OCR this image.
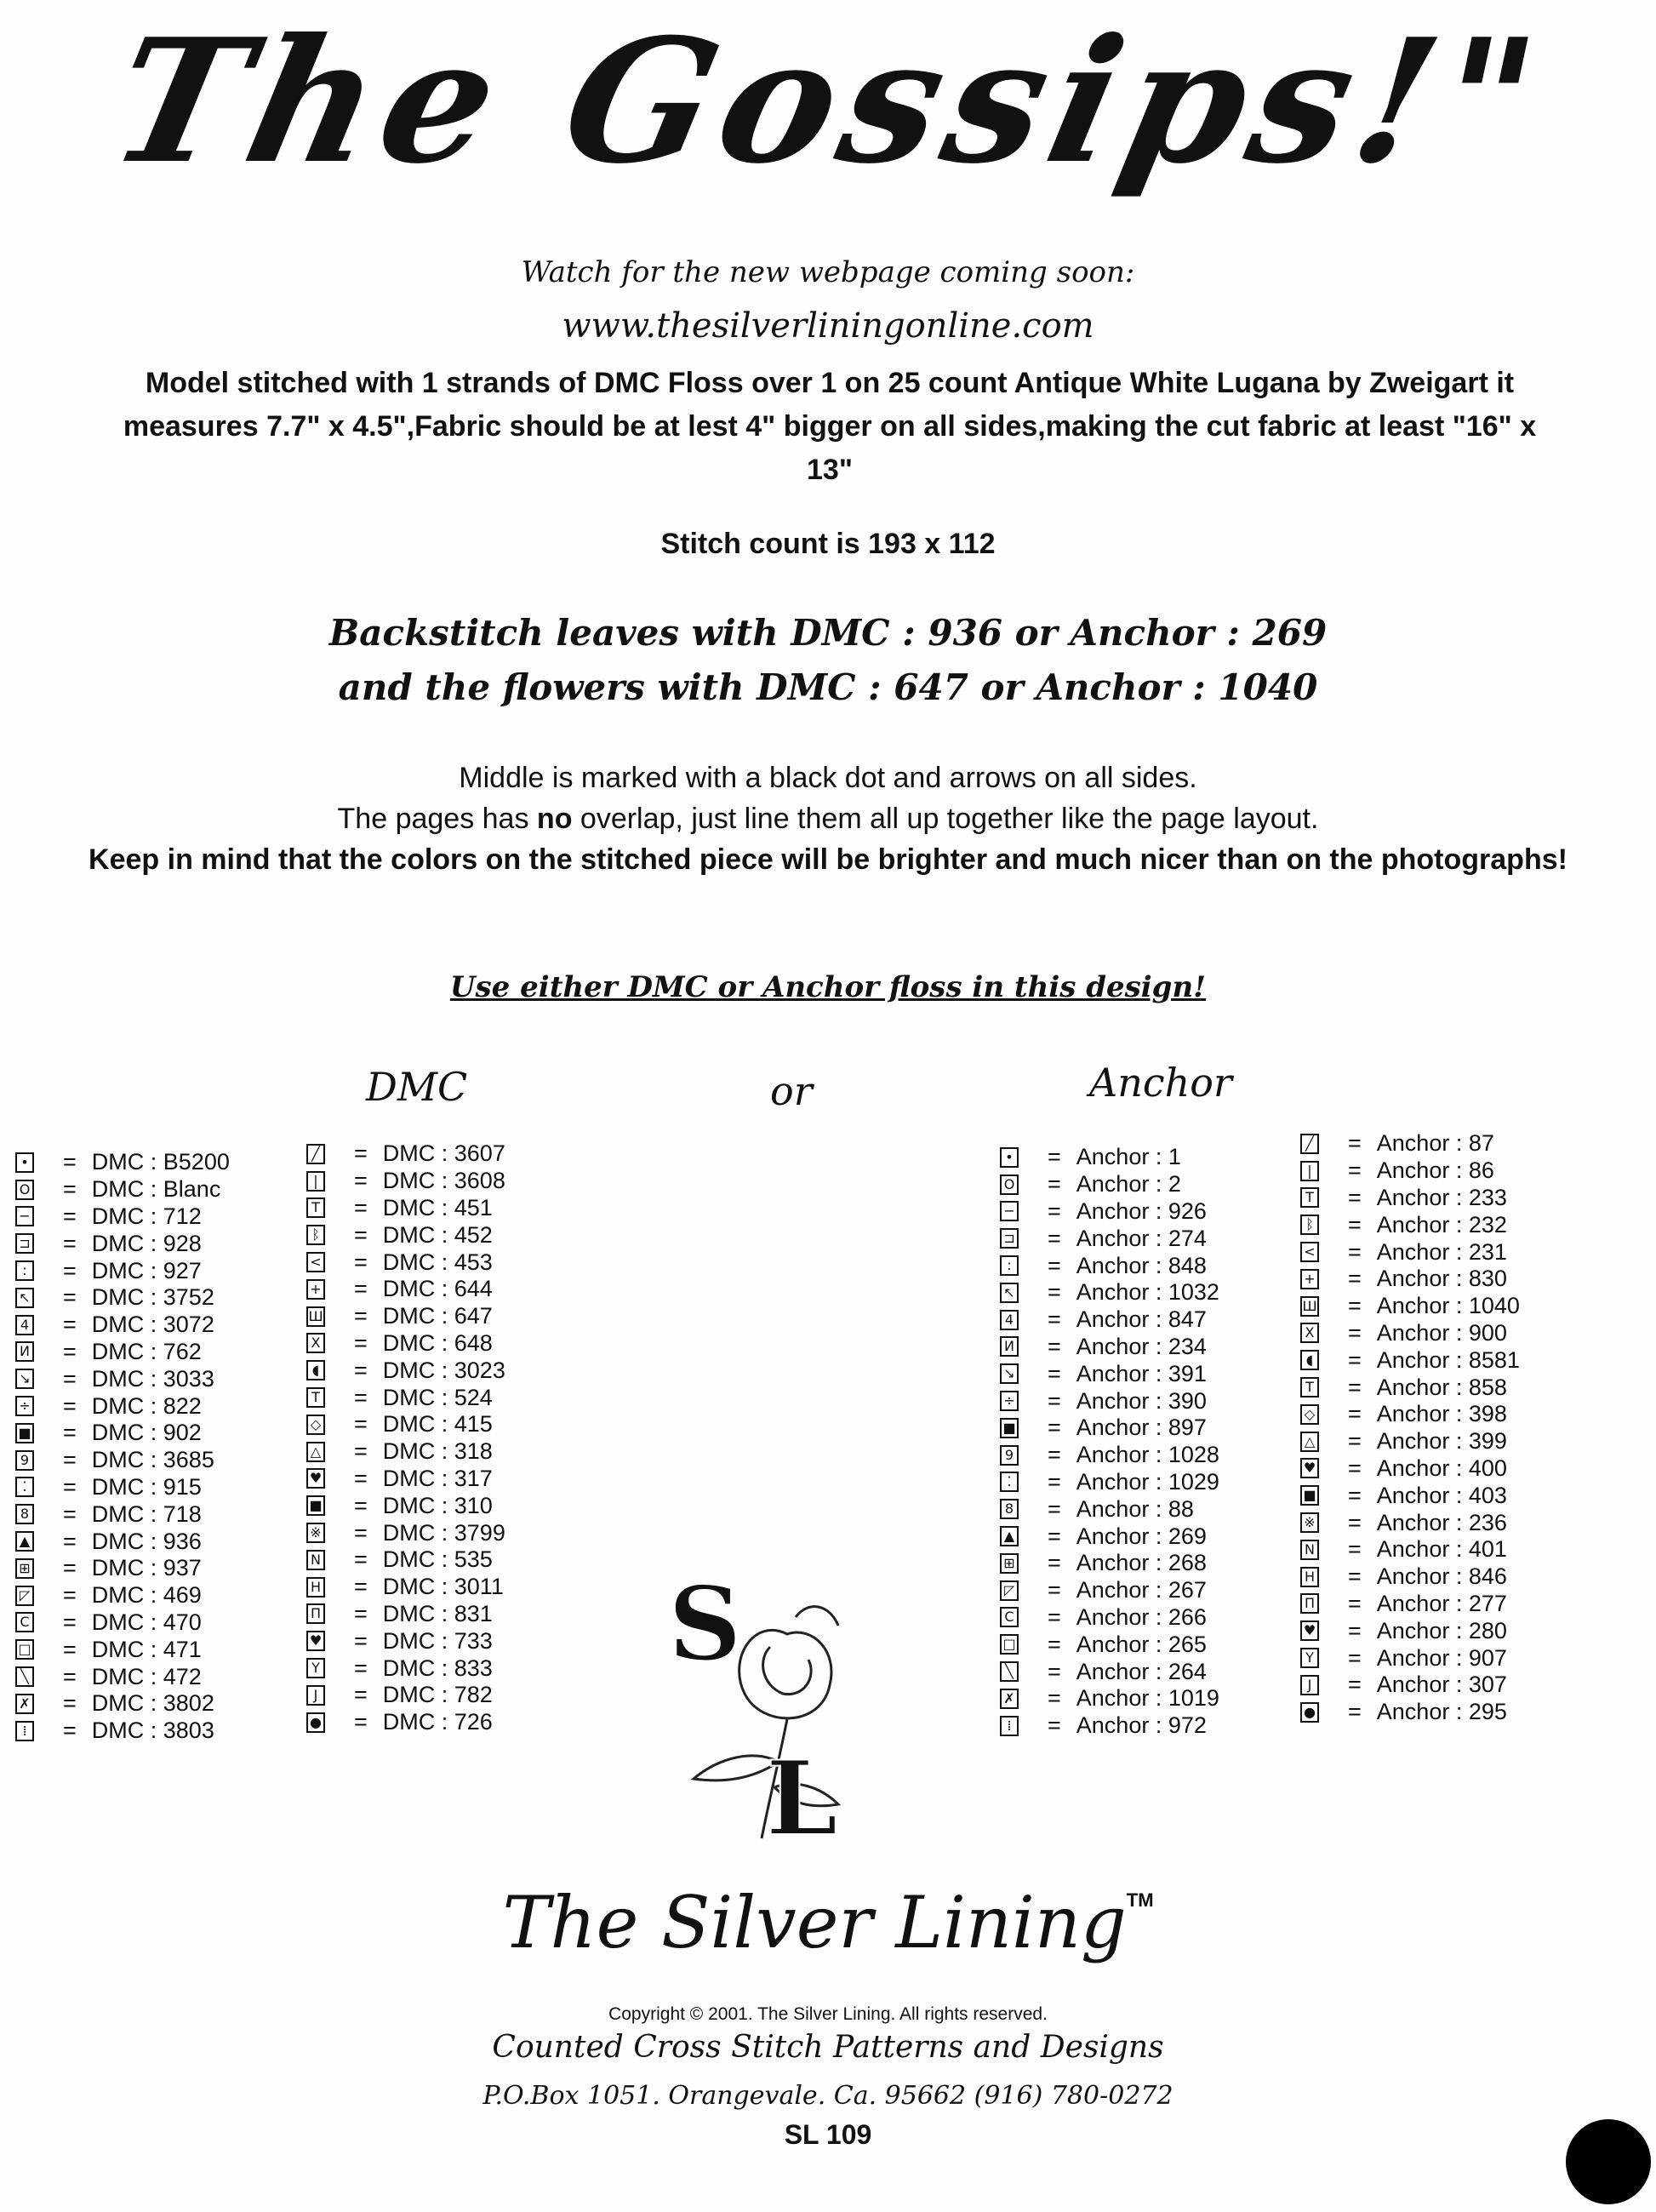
The Gossips!"
Watch for the new webpage coming soon:
www.thesilverliningonline.com
Model stitched with 1 strands of DMC Floss over 1 on 25 count Antique White Lugana by Zweigart it measures 7.7" x 4.5",Fabric should be at lest 4" bigger on all sides,making the cut fabric at least "16" x 13"
Stitch count is 193 x 112
Backstitch leaves with DMC : 936 or Anchor : 269
and the flowers with DMC : 647 or Anchor : 1040
Middle is marked with a black dot and arrows on all sides.
The pages has no overlap, just line them all up together like the page layout.
Keep in mind that the colors on the stitched piece will be brighter and much nicer than on the photographs!
Use either DMC or Anchor floss in this design!
DMC	or	Anchor
• = DMC : B5200
O = DMC : Blanc
− = DMC : 712
⊐ = DMC : 928
:	= DMC : 927
↖ = DMC : 3752
4 = DMC : 3072
И = DMC : 762
↘ = DMC : 3033
÷ = DMC : 822
■ = DMC : 902
9 = DMC : 3685
⁚	= DMC : 915
8 = DMC : 718
▲ = DMC : 936
⊞ = DMC : 937
◸ = DMC : 469
C = DMC : 470
□ = DMC : 471
╲ = DMC : 472
✗ = DMC : 3802
⁞	= DMC : 3803
╱ = DMC : 3607
|	= DMC : 3608
T = DMC : 451
ᛒ = DMC : 452
< = DMC : 453
+ = DMC : 644
Ш = DMC : 647
X = DMC : 648
◖ = DMC : 3023
T = DMC : 524
◇ = DMC : 415
△ = DMC : 318
♥ = DMC : 317
■ = DMC : 310
※ = DMC : 3799
N = DMC : 535
H = DMC : 3011
Π = DMC : 831
♥ = DMC : 733
Y = DMC : 833
J	= DMC : 782
● = DMC : 726
• = Anchor : 1
O = Anchor : 2
− = Anchor : 926
⊐ = Anchor : 274
:	= Anchor : 848
↖ = Anchor : 1032
4 = Anchor : 847
И = Anchor : 234
↘ = Anchor : 391
÷ = Anchor : 390
■ = Anchor : 897
9 = Anchor : 1028
⁚	= Anchor : 1029
8 = Anchor : 88
▲ = Anchor : 269
⊞ = Anchor : 268
◸ = Anchor : 267
C = Anchor : 266
□ = Anchor : 265
╲ = Anchor : 264
✗ = Anchor : 1019
⁞	= Anchor : 972
╱ = Anchor : 87
|	= Anchor : 86
T = Anchor : 233
ᛒ = Anchor : 232
< = Anchor : 231
+ = Anchor : 830
Ш = Anchor : 1040
X = Anchor : 900
◖ = Anchor : 8581
T = Anchor : 858
◇ = Anchor : 398
△ = Anchor : 399
♥ = Anchor : 400
■ = Anchor : 403
※ = Anchor : 236
N = Anchor : 401
H = Anchor : 846
Π = Anchor : 277
♥ = Anchor : 280
Y = Anchor : 907
J	= Anchor : 307
● = Anchor : 295
S
L
The Silver Lining™
Copyright © 2001. The Silver Lining. All rights reserved.
Counted Cross Stitch Patterns and Designs
P.O.Box 1051. Orangevale. Ca. 95662 (916) 780-0272
SL 109
